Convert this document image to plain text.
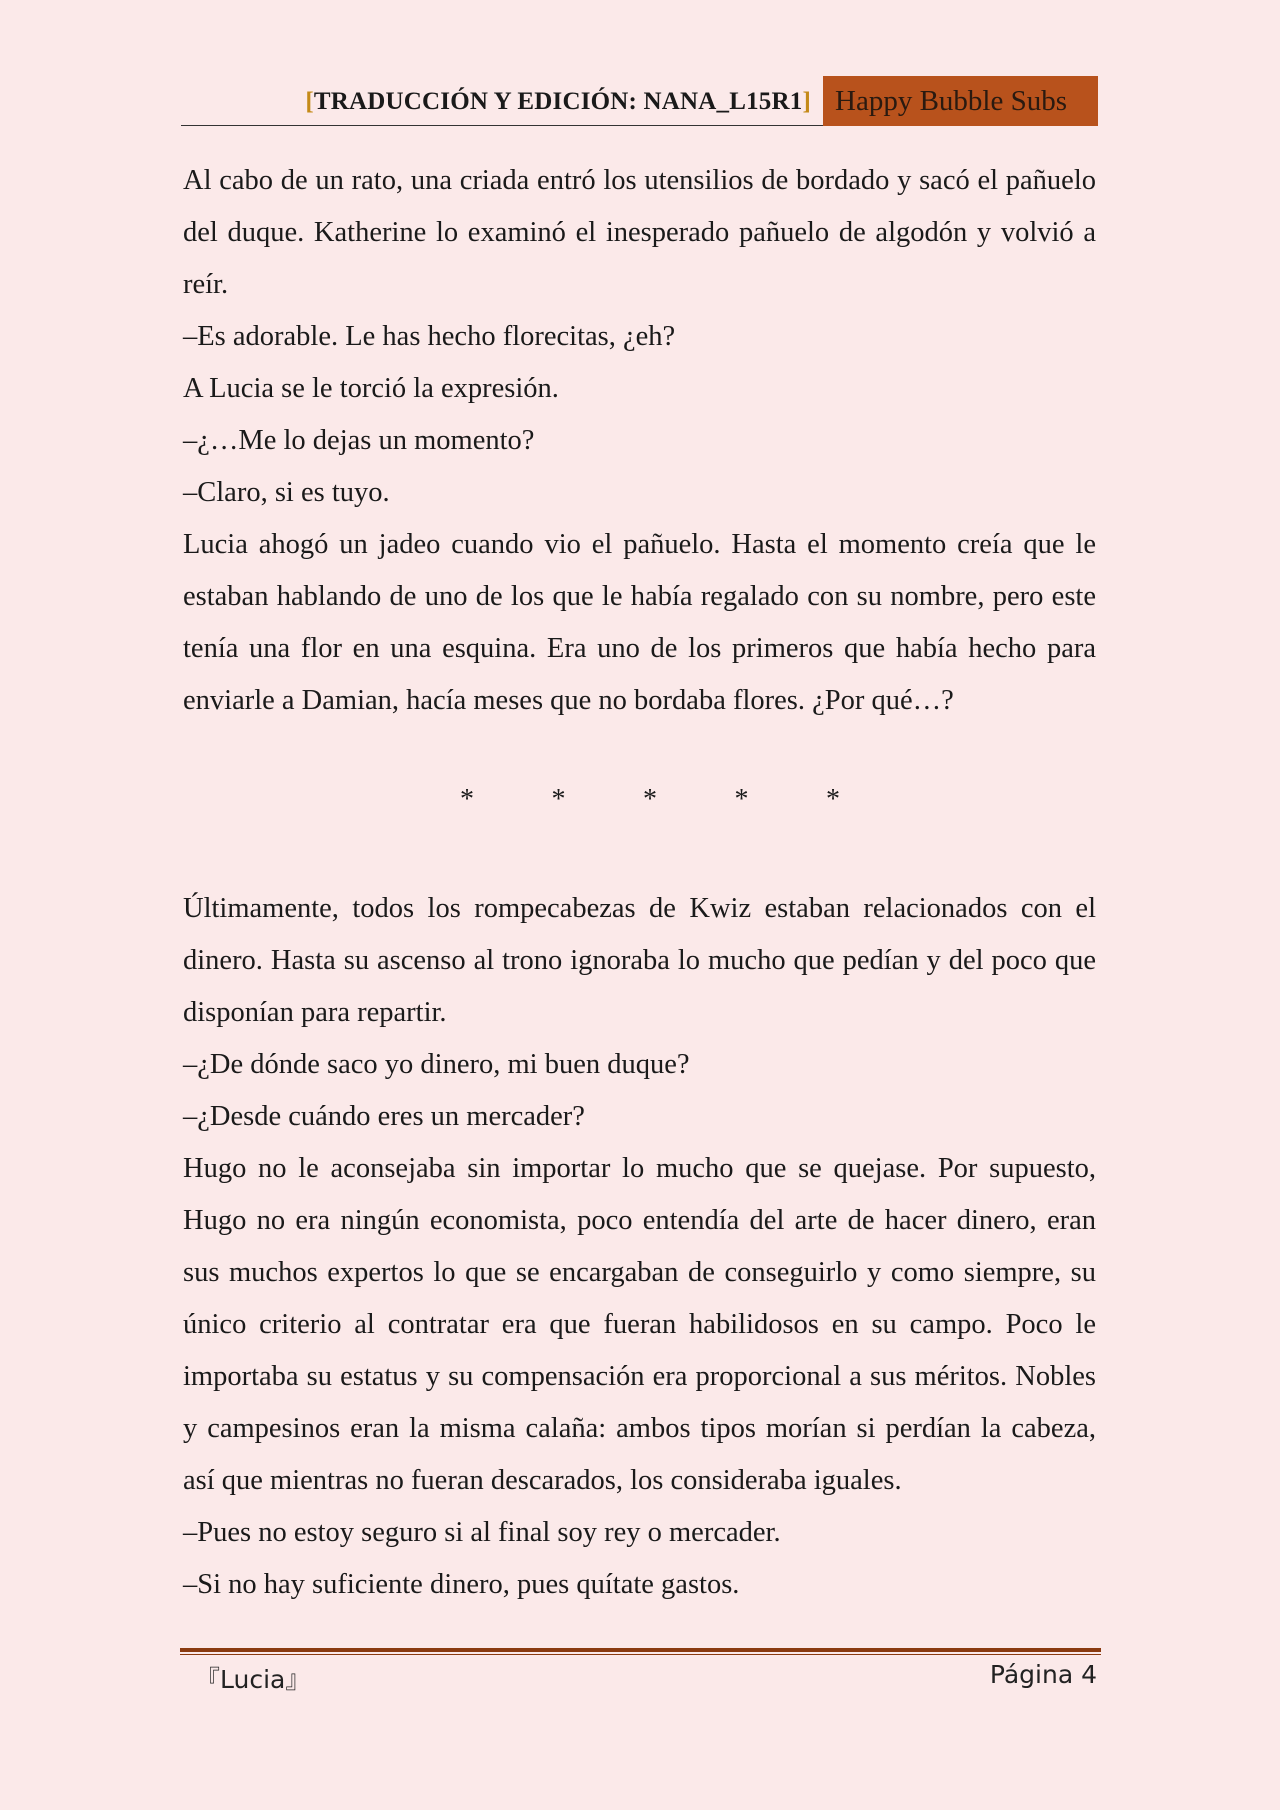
[TRADUCCIÓN Y EDICIÓN: NANA_L15R1] Happy Bubble Subs

Al cabo de un rato, una criada entró los utensilios de bordado y sacó el pañuelo del duque. Katherine lo examinó el inesperado pañuelo de algodón y volvió a reír.

–Es adorable. Le has hecho florecitas, ¿eh?

A Lucia se le torció la expresión.

–¿…Me lo dejas un momento?

–Claro, si es tuyo.

Lucia ahogó un jadeo cuando vio el pañuelo. Hasta el momento creía que le estaban hablando de uno de los que le había regalado con su nombre, pero este tenía una flor en una esquina. Era uno de los primeros que había hecho para enviarle a Damian, hacía meses que no bordaba flores. ¿Por qué…?

*	*	*	*	*

Últimamente, todos los rompecabezas de Kwiz estaban relacionados con el dinero. Hasta su ascenso al trono ignoraba lo mucho que pedían y del poco que disponían para repartir.

–¿De dónde saco yo dinero, mi buen duque?

–¿Desde cuándo eres un mercader?

Hugo no le aconsejaba sin importar lo mucho que se quejase. Por supuesto, Hugo no era ningún economista, poco entendía del arte de hacer dinero, eran sus muchos expertos lo que se encargaban de conseguirlo y como siempre, su único criterio al contratar era que fueran habilidosos en su campo. Poco le importaba su estatus y su compensación era proporcional a sus méritos. Nobles y campesinos eran la misma calaña: ambos tipos morían si perdían la cabeza, así que mientras no fueran descarados, los consideraba iguales.

–Pues no estoy seguro si al final soy rey o mercader.

–Si no hay suficiente dinero, pues quítate gastos.

『Lucia』	Página 4
